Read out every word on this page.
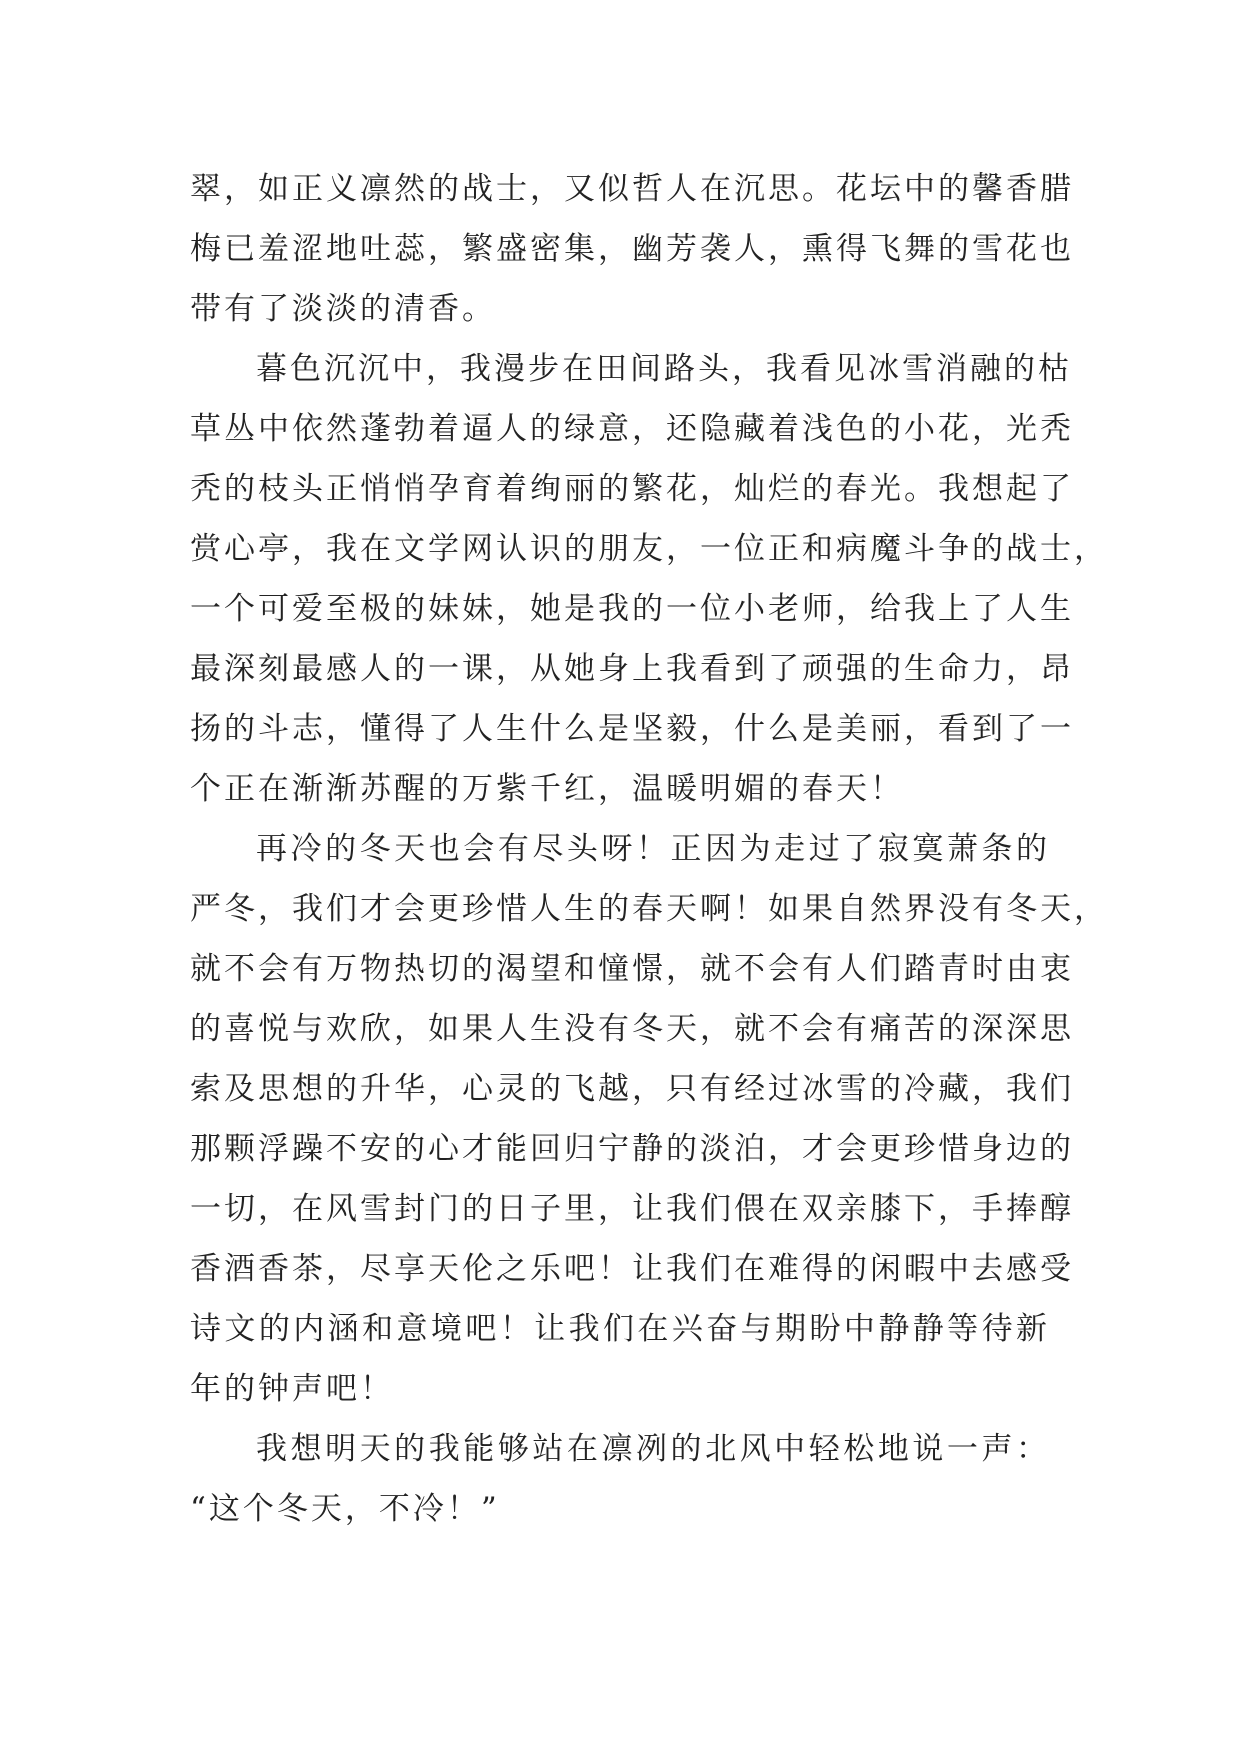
翠，如正义凛然的战士，又似哲人在沉思。花坛中的馨香腊
梅已羞涩地吐蕊，繁盛密集，幽芳袭人，熏得飞舞的雪花也
带有了淡淡的清香。
暮色沉沉中，我漫步在田间路头，我看见冰雪消融的枯
草丛中依然蓬勃着逼人的绿意，还隐藏着浅色的小花，光秃
秃的枝头正悄悄孕育着绚丽的繁花，灿烂的春光。我想起了
赏心亭，我在文学网认识的朋友，一位正和病魔斗争的战士，
一个可爱至极的妹妹，她是我的一位小老师，给我上了人生
最深刻最感人的一课，从她身上我看到了顽强的生命力，昂
扬的斗志，懂得了人生什么是坚毅，什么是美丽，看到了一
个正在渐渐苏醒的万紫千红，温暖明媚的春天！
再冷的冬天也会有尽头呀！正因为走过了寂寞萧条的
严冬，我们才会更珍惜人生的春天啊！如果自然界没有冬天，
就不会有万物热切的渴望和憧憬，就不会有人们踏青时由衷
的喜悦与欢欣，如果人生没有冬天，就不会有痛苦的深深思
索及思想的升华，心灵的飞越，只有经过冰雪的冷藏，我们
那颗浮躁不安的心才能回归宁静的淡泊，才会更珍惜身边的
一切，在风雪封门的日子里，让我们偎在双亲膝下，手捧醇
香酒香茶，尽享天伦之乐吧！让我们在难得的闲暇中去感受
诗文的内涵和意境吧！让我们在兴奋与期盼中静静等待新
年的钟声吧！
我想明天的我能够站在凛冽的北风中轻松地说一声：
“这个冬天，不冷！”
